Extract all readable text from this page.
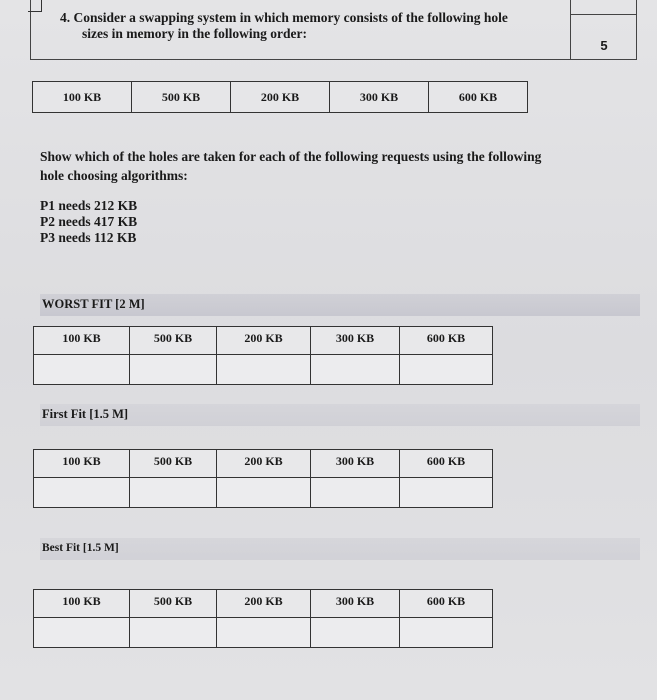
4. Consider a swapping system in which memory consists of the following hole
sizes in memory in the following order:
5
100 KB	500 KB	200 KB	300 KB	600 KB
Show which of the holes are taken for each of the following requests using the following
hole choosing algorithms:
P1 needs 212 KB
P2 needs 417 KB
P3 needs 112 KB
WORST FIT [2 M]
100 KB	500 KB	200 KB	300 KB	600 KB

First Fit [1.5 M]
100 KB	500 KB	200 KB	300 KB	600 KB

Best Fit [1.5 M]
100 KB	500 KB	200 KB	300 KB	600 KB
